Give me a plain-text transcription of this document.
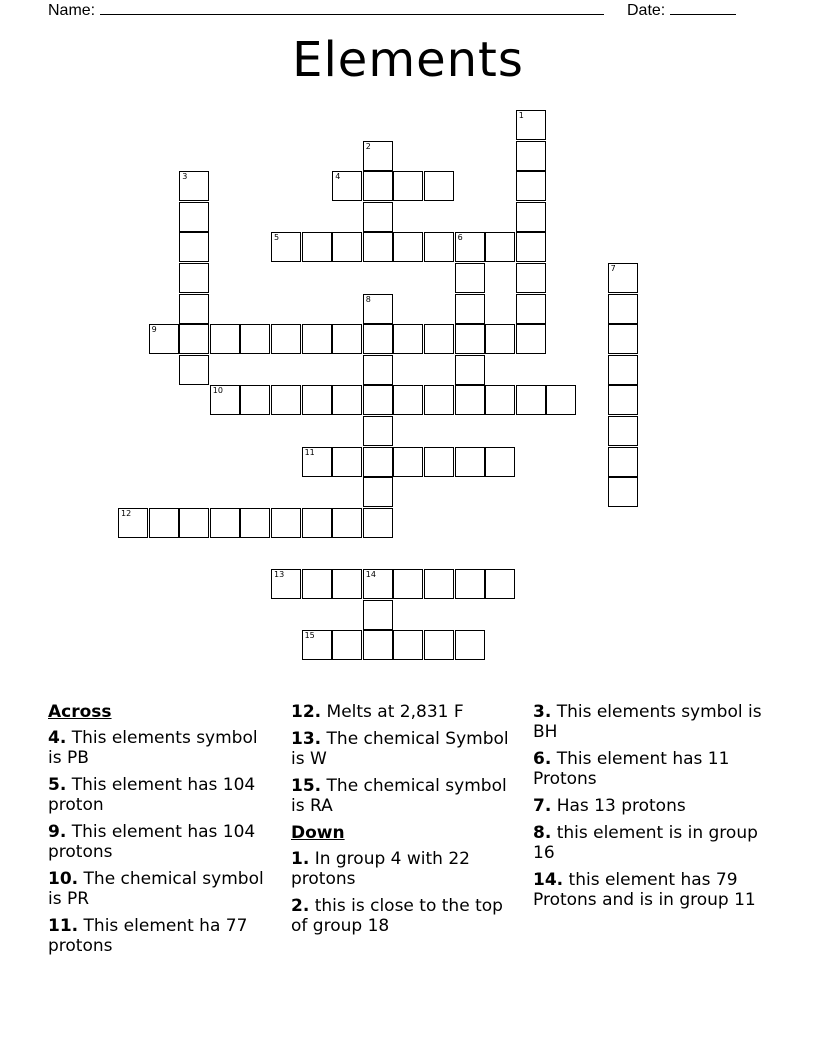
Name:	Date:
Elements
1
2
3	4
5	6
7
8
9
10
11
12
13	14
15
Across
4. This elements symbol is PB
5. This element has 104 proton
9. This element has 104 protons
10. The chemical symbol is PR
11. This element ha 77 protons
12. Melts at 2,831 F
13. The chemical Symbol is W
15. The chemical symbol is RA
Down
1. In group 4 with 22 protons
2. this is close to the top of group 18
3. This elements symbol is BH
6. This element has 11 Protons
7. Has 13 protons
8. this element is in group 16
14. this element has 79 Protons and is in group 11
